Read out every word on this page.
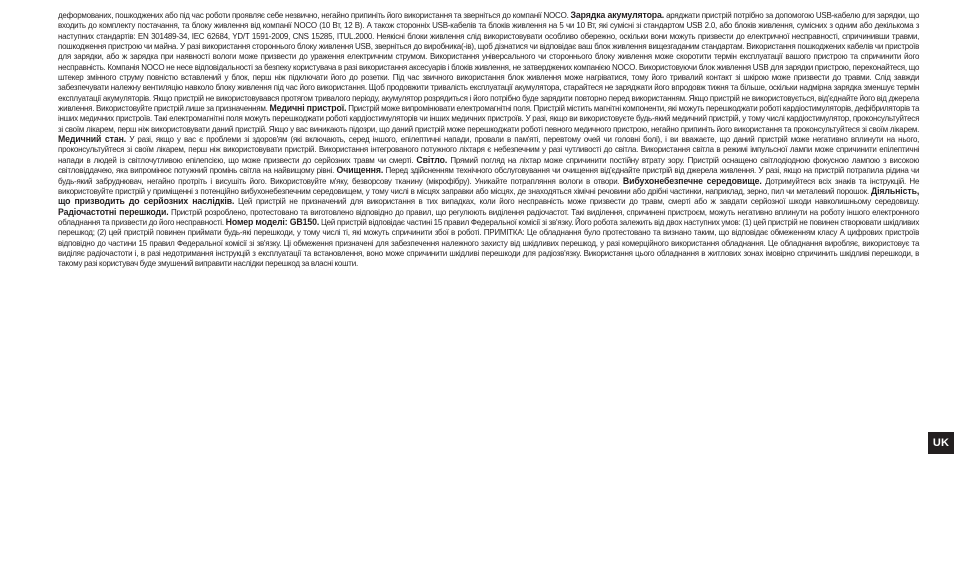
деформованих, пошкоджених або під час роботи проявляє себе незвично, негайно припиніть його використання та зверніться до компанії NOCO. Зарядка акумулятора. аряджати пристрій потрібно за допомогою USB-кабелю для зарядки, що входить до комплекту постачання, та блоку живлення від компанії NOCO (10 Вт, 12 В). А також сторонніх USB-кабелів та блоків живлення на 5 чи 10 Вт, які сумісні зі стандартом USB 2.0, або блоків живлення, сумісних з одним або декількома з наступних стандартів: EN 301489-34, IEC 62684, YD/T 1591-2009, CNS 15285, ITUL.2000. Неякісні блоки живлення слід використовувати особливо обережно, оскільки вони можуть призвести до електричної несправності, спричинивши травми, пошкодження пристрою чи майна. У разі використання стороннього блоку живлення USB, зверніться до виробника(-ів), щоб дізнатися чи відповідає ваш блок живлення вищезгаданим стандартам. Використання пошкоджених кабелів чи пристроїв для зарядки, або ж зарядка при наявності вологи може призвести до ураження електричним струмом. Використання універсального чи стороннього блоку живлення може скоротити термін експлуатації вашого пристрою та спричинити його несправність. Компанія NOCO не несе відповідальності за безпеку користувача в разі використання аксесуарів і блоків живлення, не затверджених компанією NOCO. Використовуючи блок живлення USB для зарядки пристрою, переконайтеся, що штекер змінного струму повністю вставлений у блок, перш ніж підключати його до розетки. Під час звичного використання блок живлення може нагріватися, тому його тривалий контакт зі шкірою може призвести до травми. Слід завжди забезпечувати належну вентиляцію навколо блоку живлення під час його використання. Щоб продовжити тривалість експлуатації акумулятора, старайтеся не заряджати його впродовж тижня та більше, оскільки надмірна зарядка зменшує термін експлуатації акумуляторів. Якщо пристрій не використовувався протягом тривалого періоду, акумулятор розрядиться і його потрібно буде зарядити повторно перед використанням. Якщо пристрій не використовується, від'єднайте його від джерела живлення. Використовуйте пристрій лише за призначенням. Медичні пристрої. Пристрій може випромінювати електромагнітні поля. Пристрій містить магнітні компоненти, які можуть перешкоджати роботі кардіостимуляторів, дефібриляторів та інших медичних пристроїв. Такі електромагнітні поля можуть перешкоджати роботі кардіостимуляторів чи інших медичних пристроїв. У разі, якщо ви використовуєте будь-який медичний пристрій, у тому числі кардіостимулятор, проконсультуйтеся зі своїм лікарем, перш ніж використовувати даний пристрій. Якщо у вас виникають підозри, що даний пристрій може перешкоджати роботі певного медичного пристрою, негайно припиніть його використання та проконсультуйтеся зі своїм лікарем. Медичний стан. У разі, якщо у вас є проблеми зі здоров'ям (які включають, серед іншого, епілептичні напади, провали в пам'яті, перевтому очей чи головні болі), і ви вважаєте, що даний пристрій може негативно вплинути на нього, проконсультуйтеся зі своїм лікарем, перш ніж використовувати пристрій. Використання інтегрованого потужного ліхтаря є небезпечним у разі чутливості до світла. Використання світла в режимі імпульсної лампи може спричинити епілептичні напади в людей із світлочутливою епілепсією, що може призвести до серйозних травм чи смерті. Світло. Прямий погляд на ліхтар може спричинити постійну втрату зору. Пристрій оснащено світлодіодною фокусною лампою з високою світловіддачею, яка випромінює потужний промінь світла на найвищому рівні. Очищення. Перед здійсненням технічного обслуговування чи очищення від'єднайте пристрій від джерела живлення. У разі, якщо на пристрій потрапила рідина чи будь-який забруднювач, негайно протріть і висушіть його. Використовуйте м'яку, безворсову тканину (мікрофібру). Уникайте потрапляння вологи в отвори. Вибухонебезпечне середовище. Дотримуйтеся всіх знаків та інструкцій. Не використовуйте пристрій у приміщенні з потенційно вибухонебезпечним середовищем, у тому числі в місцях заправки або місцях, де знаходяться хімічні речовини або дрібні частинки, наприклад, зерно, пил чи металевий порошок. Діяльність, що призводить до серйозних наслідків. Цей пристрій не призначений для використання в тих випадках, коли його несправність може призвести до травм, смерті або ж завдати серйозної шкоди навколишньому середовищу. Радіочастотні перешкоди. Пристрій розроблено, протестовано та виготовлено відповідно до правил, що регулюють виділення радіочастот. Такі виділення, спричинені пристроєм, можуть негативно вплинути на роботу іншого електронного обладнання та призвести до його несправності. Номер моделі: GB150. Цей пристрій відповідає частині 15 правил Федеральної комісії зі зв'язку. Його робота залежить від двох наступних умов: (1) цей пристрій не повинен створювати шкідливих перешкод; (2) цей пристрій повинен приймати будь-які перешкоди, у тому числі ті, які можуть спричинити збої в роботі. ПРИМІТКА: Це обладнання було протестовано та визнано таким, що відповідає обмеженням класу А цифрових пристроїв відповідно до частини 15 правил Федеральної комісії зі зв'язку. Ці обмеження призначені для забезпечення належного захисту від шкідливих перешкод, у разі комерційного використання обладнання. Це обладнання виробляє, використовує та виділяє радіочастоти і, в разі недотримання інструкцій з експлуатації та встановлення, воно може спричинити шкідливі перешкоди для радіозв'язку. Використання цього обладнання в житлових зонах імовірно спричинить шкідливі перешкоди, в такому разі користувач буде змушений виправити наслідки перешкод за власні кошти.

UK
